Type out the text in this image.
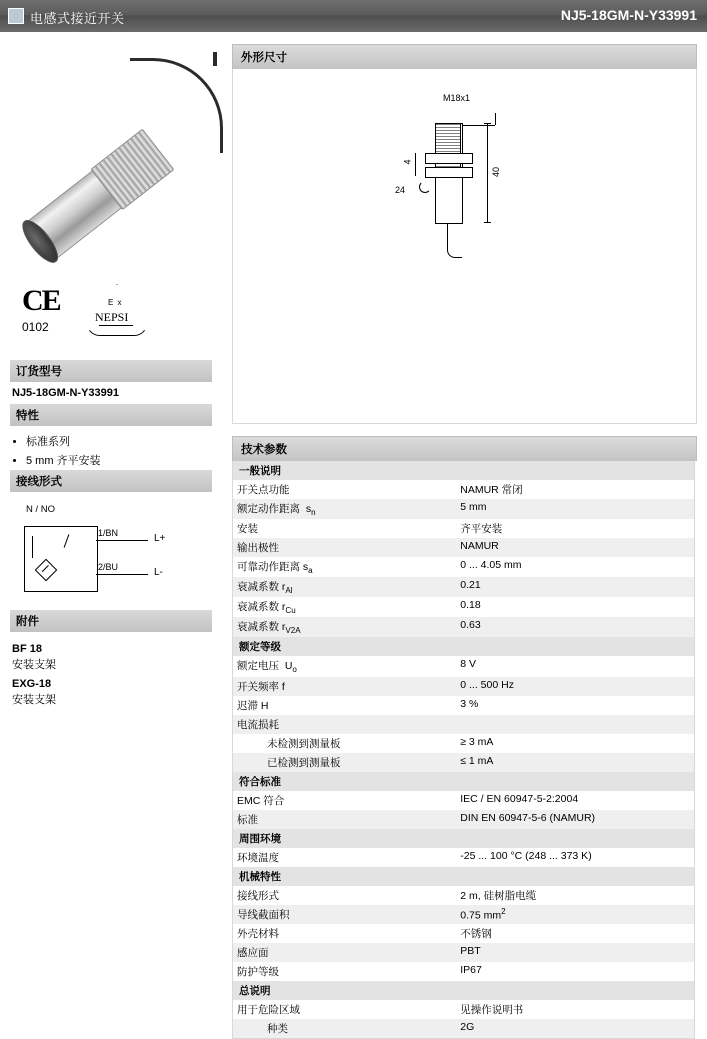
电感式接近开关	NJ5-18GM-N-Y33991
CE
0102
E x
NEPSI
订货型号
NJ5-18GM-N-Y33991
特性
• 标准系列
• 5 mm 齐平安装
接线形式
N / NO
1/BN
2/BU
L+
L-
附件
BF 18
安装支架
EXG-18
安装支架
外形尺寸
M18x1
40
4
24
技术参数
一般说明	
开关点功能	NAMUR 常闭
额定动作距离  $s_n$	5 mm
安装	齐平安装
输出极性	NAMUR
可靠动作距离 $s_a$	0 ... 4.05 mm
衰减系数 $r_{Al}$	0.21
衰减系数 $r_{Cu}$	0.18
衰减系数 $r_{V2A}$	0.63
额定等级	
额定电压  $U_o$	8 V
开关频率 f	0 ... 500 Hz
迟滞 H	3 %
电流损耗	
未检测到测量板	≥ 3 mA
已检测到测量板	≤ 1 mA
符合标准	
EMC 符合	IEC / EN 60947-5-2:2004
标准	DIN EN 60947-5-6 (NAMUR)
周围环境	
环境温度	-25 ... 100 °C (248 ... 373 K)
机械特性	
接线形式	2 m, 硅树脂电缆
导线截面积	0.75 $mm^2$
外壳材料	不锈钢
感应面	PBT
防护等级	IP67
总说明	
用于危险区域	见操作说明书
种类	2G
